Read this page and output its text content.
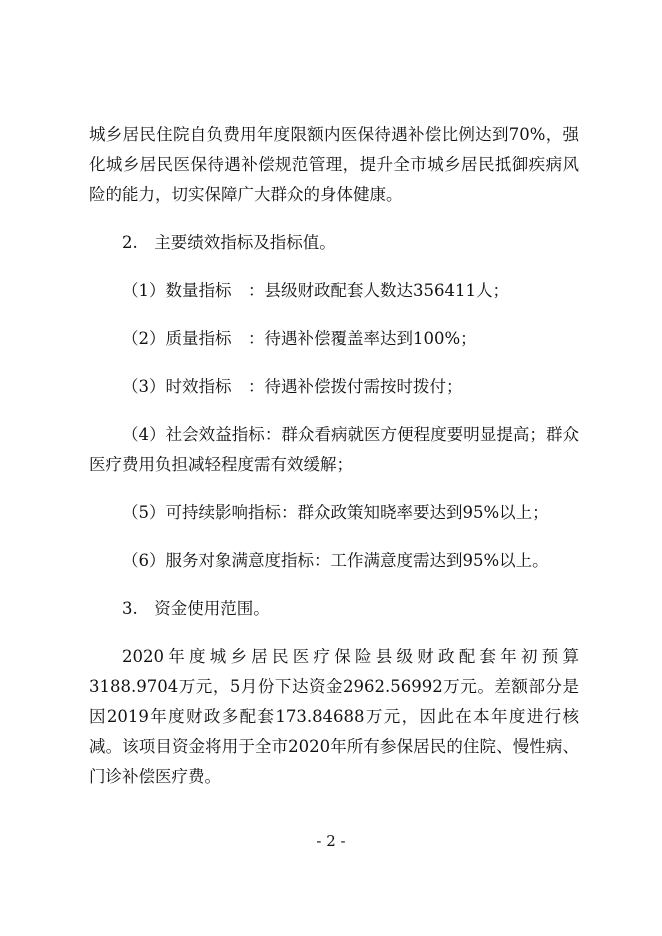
城乡居民住院自负费用年度限额内医保待遇补偿比例达到70%，强化城乡居民医保待遇补偿规范管理，提升全市城乡居民抵御疾病风险的能力，切实保障广大群众的身体健康。

2.　主要绩效指标及指标值。

（1）数量指标　：县级财政配套人数达356411人；

（2）质量指标　：待遇补偿覆盖率达到100%；

（3）时效指标　：待遇补偿拨付需按时拨付；

（4）社会效益指标：群众看病就医方便程度要明显提高；群众医疗费用负担减轻程度需有效缓解；

（5）可持续影响指标：群众政策知晓率要达到95%以上；

（6）服务对象满意度指标：工作满意度需达到95%以上。

3.　资金使用范围。

2020年度城乡居民医疗保险县级财政配套年初预算3188.9704万元，5月份下达资金2962.56992万元。差额部分是因2019年度财政多配套173.84688万元，因此在本年度进行核减。该项目资金将用于全市2020年所有参保居民的住院、慢性病、门诊补偿医疗费。

- 2 -
